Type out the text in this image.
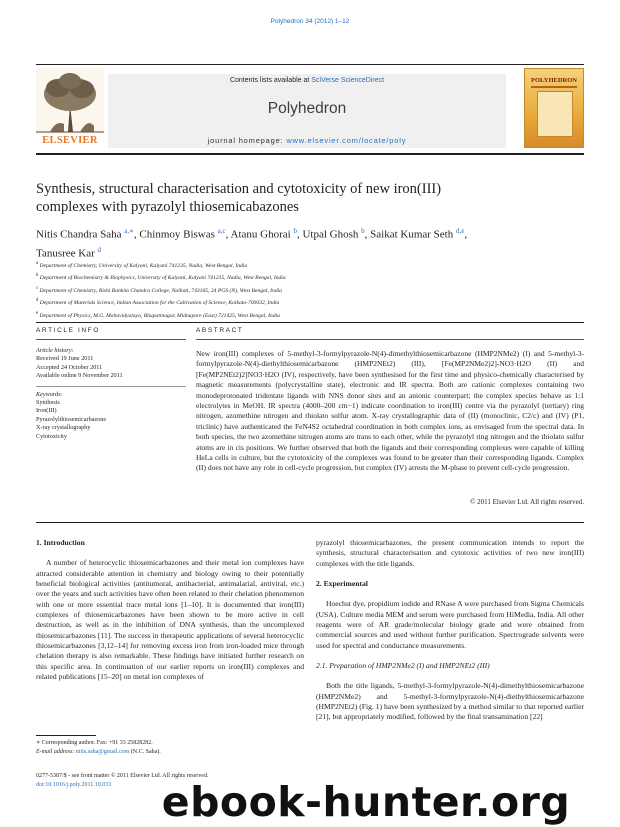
Polyhedron 34 (2012) 1–12
ELSEVIER
Contents lists available at SciVerse ScienceDirect
Polyhedron
journal homepage: www.elsevier.com/locate/poly
POLYHEDRON
Synthesis, structural characterisation and cytotoxicity of new iron(III)
complexes with pyrazolyl thiosemicabazones
Nitis Chandra Saha $^{a,∗}$, Chinmoy Biswas $^{a,c}$, Atanu Ghorai $^b$, Utpal Ghosh $^b$, Saikat Kumar Seth $^{d,e}$,
Tanusree Kar $^d$
$^a$ Department of Chemistry, University of Kalyani, Kalyani 741235, Nadia, West Bengal, India
$^b$ Department of Biochemistry & Biophysics, University of Kalyani, Kalyani 741235, Nadia, West Bengal, India
$^c$ Department of Chemistry, Rishi Bankim Chandra College, Naihati, 743165, 24 PGS (N), West Bengal, India
$^d$ Department of Materials Science, Indian Association for the Cultivation of Science, Kolkata-700032, India
$^e$ Department of Physics, M.G. Mahavidyalaya, Bhupatinagar, Midnapore (East) 721425, West Bengal, India
ARTICLE INFO	ABSTRACT
Article history:
Received 19 June 2011
Accepted 24 October 2011
Available online 9 November 2011
Keywords:
Synthesis
Iron(III)
Pyrazolylthiosemicarbazone
X-ray crystallography
Cytotoxicity
New iron(III) complexes of 5-methyl-3-formylpyrazole-N(4)-dimethylthiosemicarbazone (HMP2NMe2) (I) and 5-methyl-3-formylpyrazole-N(4)-diethylthiosemicarbazone (HMP2NEt2) (III), [Fe(MP2NMe2)2]-NO3·H2O (II) and [Fe(MP2NEt2)2]NO3·H2O (IV), respectively, have been synthesised for the first time and physico-chemically characterised by magnetic measurements (polycrystalline state), electronic and IR spectra. Both are cationic complexes containing two monodeprotonated tridentate ligands with NNS donor sites and an anionic counterpart; the complex species behave as 1:1 electrolytes in MeOH. IR spectra (4000–200 cm−1) indicate coordination to iron(III) centre via the pyrazolyl (tertiary) ring nitrogen, azomethine nitrogen and thiolato sulfur atom. X-ray crystallographic data of (II) (monoclinic, C2/c) and (IV) (P1, triclinic) have authenticated the FeN4S2 octahedral coordination in both complex ions, as envisaged from the spectral data. In both species, the two azomethine nitrogen atoms are trans to each other, while the pyrazolyl ring nitrogen and the thiolato sulfur atoms are in cis positions. We further observed that both the ligands and their corresponding complexes were capable of killing HeLa cells in culture, but the cytotoxicity of the complexes was found to be greater than their corresponding ligands. Complex (II) does not have any role in cell-cycle progression, but complex (IV) arrests the M-phase to prevent cell-cycle progression.
© 2011 Elsevier Ltd. All rights reserved.
1. Introduction

A number of heterocyclic thiosemicarbazones and their metal ion complexes have attracted considerable attention in chemistry and biology owing to their potentially beneficial biological activities (antitumoral, antibacterial, antimalarial, antiviral, etc.) over the years and such activities have often been related to their chelation phenomenon with one or more essential trace metal ions [1–10]. It is documented that iron(III) complexes of thiosemicarbazones have been shown to be more active in cell destruction, as well as in the inhibition of DNA synthesis, than the uncomplexed thiosemicarbazones [11]. The success in therapeutic applications of several heterocyclic thiosemicarbazones [3,12–14] for removing excess iron from iron-loaded mice through chelation therapy is also remarkable. These findings have initiated further research on this specific area. In continuation of our earlier reports on iron(III) complexes and related publications [15–20] on metal ion complexes of

pyrazolyl thiosemicarbazones, the present communication intends to report the synthesis, structural characterisation and cytotoxic activities of two new iron(III) complexes with the title ligands.

2. Experimental

Hoechst dye, propidium iodide and RNase A were purchased from Sigma Chemicals (USA). Culture media MEM and serum were purchased from HiMedia, India. All other reagents were of AR grade/molecular biology grade and were obtained from commercial sources and used without further purification. Spectrograde solvents were used for spectral and conductance measurements.

2.1. Preparation of HMP2NMe2 (I) and HMP2NEt2 (III)

Both the title ligands, 5-methyl-3-formylpyrazole-N(4)-dimethylthiosemicarbazone (HMP2NMe2) and 5-methyl-3-formylpyrazole-N(4)-diethylthiosemicarbazone (HMP2NEt2) (Fig. 1) have been synthesized by a method similar to that reported earlier [21], but appropriately modified, followed by the final transamination [22]

∗ Corresponding author. Fax: +91 33 25828282.
E-mail address: nitis.saha@gmail.com (N.C. Saha).
0277-5387/$ - see front matter © 2011 Elsevier Ltd. All rights reserved.
doi:10.1016/j.poly.2011.10.033	ebook-hunter.org
